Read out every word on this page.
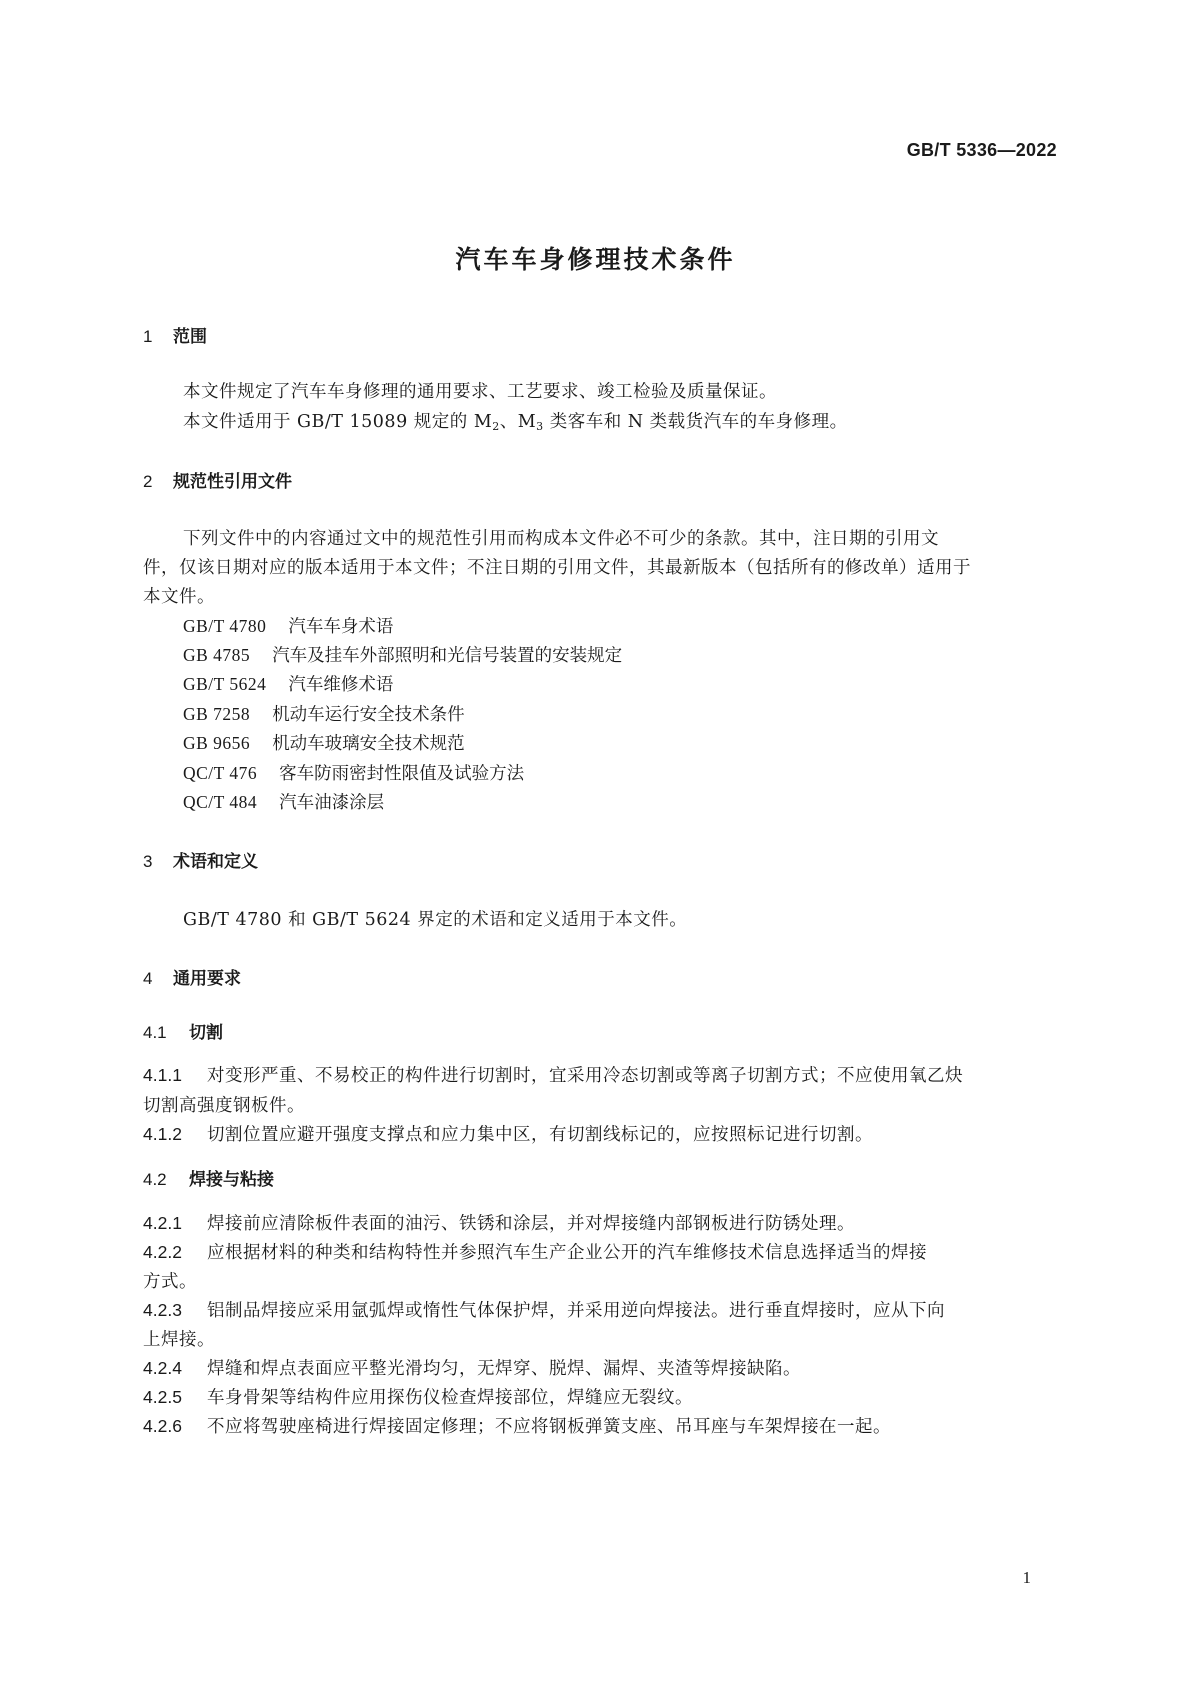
GB/T 5336—2022
汽车车身修理技术条件
1 范围
本文件规定了汽车车身修理的通用要求、工艺要求、竣工检验及质量保证。
本文件适用于 GB/T 15089 规定的 $M_2$、$M_3$ 类客车和 N 类载货汽车的车身修理。
2 规范性引用文件
下列文件中的内容通过文中的规范性引用而构成本文件必不可少的条款。其中，注日期的引用文
件，仅该日期对应的版本适用于本文件；不注日期的引用文件，其最新版本（包括所有的修改单）适用于
本文件。
GB/T 4780 汽车车身术语
GB 4785 汽车及挂车外部照明和光信号装置的安装规定
GB/T 5624 汽车维修术语
GB 7258 机动车运行安全技术条件
GB 9656 机动车玻璃安全技术规范
QC/T 476 客车防雨密封性限值及试验方法
QC/T 484 汽车油漆涂层
3 术语和定义
GB/T 4780 和 GB/T 5624 界定的术语和定义适用于本文件。
4 通用要求
4.1 切割
4.1.1 对变形严重、不易校正的构件进行切割时，宜采用冷态切割或等离子切割方式；不应使用氧乙炔
切割高强度钢板件。
4.1.2 切割位置应避开强度支撑点和应力集中区，有切割线标记的，应按照标记进行切割。
4.2 焊接与粘接
4.2.1 焊接前应清除板件表面的油污、铁锈和涂层，并对焊接缝内部钢板进行防锈处理。
4.2.2 应根据材料的种类和结构特性并参照汽车生产企业公开的汽车维修技术信息选择适当的焊接
方式。
4.2.3 铝制品焊接应采用氩弧焊或惰性气体保护焊，并采用逆向焊接法。进行垂直焊接时，应从下向
上焊接。
4.2.4 焊缝和焊点表面应平整光滑均匀，无焊穿、脱焊、漏焊、夹渣等焊接缺陷。
4.2.5 车身骨架等结构件应用探伤仪检查焊接部位，焊缝应无裂纹。
4.2.6 不应将驾驶座椅进行焊接固定修理；不应将钢板弹簧支座、吊耳座与车架焊接在一起。
1
